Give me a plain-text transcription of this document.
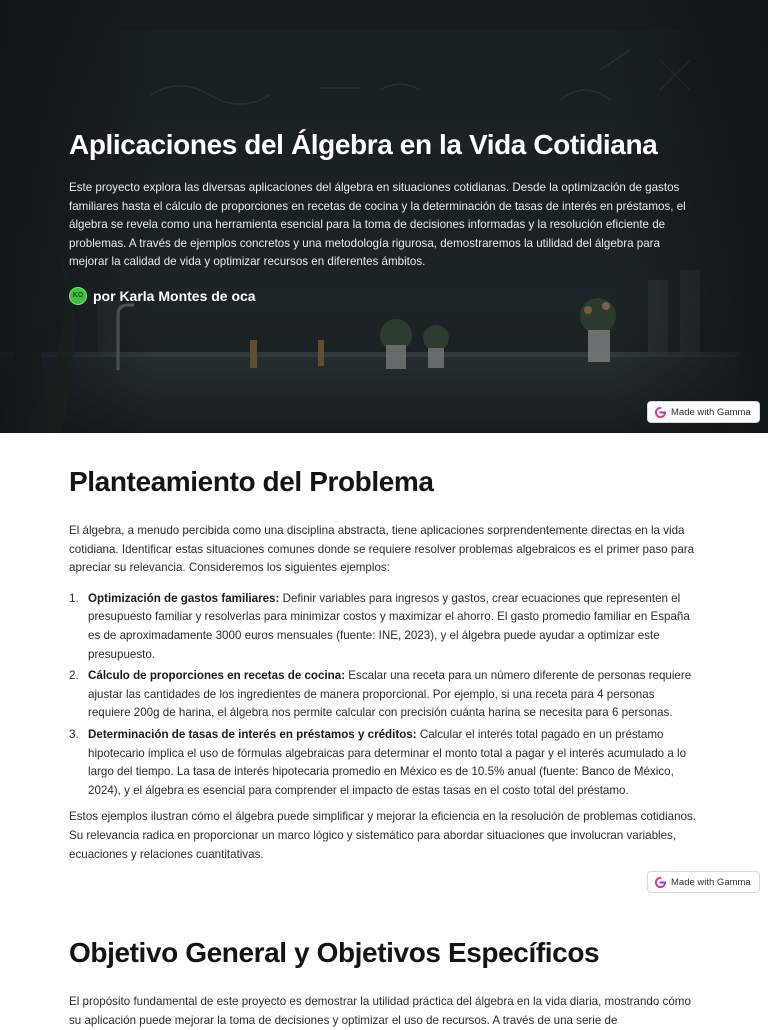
Aplicaciones del Álgebra en la Vida Cotidiana

Este proyecto explora las diversas aplicaciones del álgebra en situaciones cotidianas. Desde la optimización de gastos familiares hasta el cálculo de proporciones en recetas de cocina y la determinación de tasas de interés en préstamos, el álgebra se revela como una herramienta esencial para la toma de decisiones informadas y la resolución eficiente de problemas. A través de ejemplos concretos y una metodología rigurosa, demostraremos la utilidad del álgebra para mejorar la calidad de vida y optimizar recursos en diferentes ámbitos.

KO por Karla Montes de oca
Made with Gamma
Planteamiento del Problema

El álgebra, a menudo percibida como una disciplina abstracta, tiene aplicaciones sorprendentemente directas en la vida cotidiana. Identificar estas situaciones comunes donde se requiere resolver problemas algebraicos es el primer paso para apreciar su relevancia. Consideremos los siguientes ejemplos:

1. Optimización de gastos familiares: Definir variables para ingresos y gastos, crear ecuaciones que representen el presupuesto familiar y resolverlas para minimizar costos y maximizar el ahorro. El gasto promedio familiar en España es de aproximadamente 3000 euros mensuales (fuente: INE, 2023), y el álgebra puede ayudar a optimizar este presupuesto.
2. Cálculo de proporciones en recetas de cocina: Escalar una receta para un número diferente de personas requiere ajustar las cantidades de los ingredientes de manera proporcional. Por ejemplo, si una receta para 4 personas requiere 200g de harina, el álgebra nos permite calcular con precisión cuánta harina se necesita para 6 personas.
3. Determinación de tasas de interés en préstamos y créditos: Calcular el interés total pagado en un préstamo hipotecario implica el uso de fórmulas algebraicas para determinar el monto total a pagar y el interés acumulado a lo largo del tiempo. La tasa de interés hipotecaria promedio en México es de 10.5% anual (fuente: Banco de México, 2024), y el álgebra es esencial para comprender el impacto de estas tasas en el costo total del préstamo.

Estos ejemplos ilustran cómo el álgebra puede simplificar y mejorar la eficiencia en la resolución de problemas cotidianos. Su relevancia radica en proporcionar un marco lógico y sistemático para abordar situaciones que involucran variables, ecuaciones y relaciones cuantitativas.

Made with Gamma
Objetivo General y Objetivos Específicos

El propósito fundamental de este proyecto es demostrar la utilidad práctica del álgebra en la vida diaria, mostrando cómo su aplicación puede mejorar la toma de decisiones y optimizar el uso de recursos. A través de una serie de
